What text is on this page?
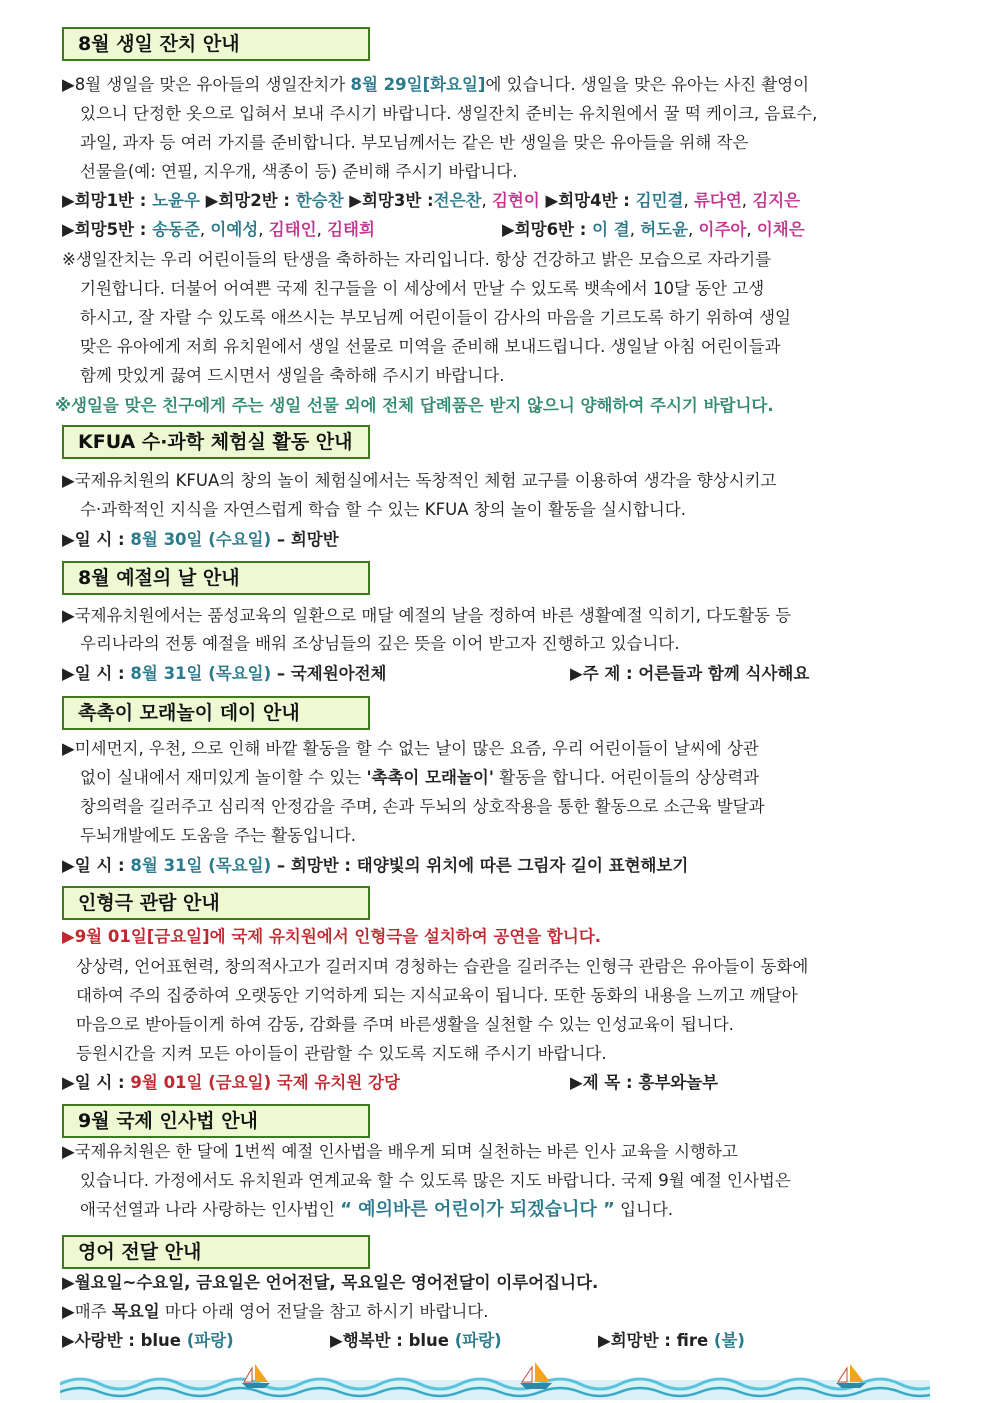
8월 생일 잔치 안내
▶8월 생일을 맞은 유아들의 생일잔치가 8월 29일[화요일]에 있습니다. 생일을 맞은 유아는 사진 촬영이
있으니 단정한 옷으로 입혀서 보내 주시기 바랍니다. 생일잔치 준비는 유치원에서 꿀 떡 케이크, 음료수,
과일, 과자 등 여러 가지를 준비합니다. 부모님께서는 같은 반 생일을 맞은 유아들을 위해 작은
선물을(예: 연필, 지우개, 색종이 등) 준비해 주시기 바랍니다.
▶희망1반 : 노윤우 ▶희망2반 : 한승찬 ▶희망3반 :전은찬, 김현이 ▶희망4반 : 김민결, 류다연, 김지은
▶희망5반 : 송동준, 이예성, 김태인, 김태희	▶희망6반 : 이 결, 허도윤, 이주아, 이채은
※생일잔치는 우리 어린이들의 탄생을 축하하는 자리입니다. 항상 건강하고 밝은 모습으로 자라기를
기원합니다. 더불어 어여쁜 국제 친구들을 이 세상에서 만날 수 있도록 뱃속에서 10달 동안 고생
하시고, 잘 자랄 수 있도록 애쓰시는 부모님께 어린이들이 감사의 마음을 기르도록 하기 위하여 생일
맞은 유아에게 저희 유치원에서 생일 선물로 미역을 준비해 보내드립니다. 생일날 아침 어린이들과
함께 맛있게 끓여 드시면서 생일을 축하해 주시기 바랍니다.
※생일을 맞은 친구에게 주는 생일 선물 외에 전체 답례품은 받지 않으니 양해하여 주시기 바랍니다.
KFUA 수·과학 체험실 활동 안내
▶국제유치원의 KFUA의 창의 놀이 체험실에서는 독창적인 체험 교구를 이용하여 생각을 향상시키고
수·과학적인 지식을 자연스럽게 학습 할 수 있는 KFUA 창의 놀이 활동을 실시합니다.
▶일 시 : 8월 30일 (수요일) – 희망반
8월 예절의 날 안내
▶국제유치원에서는 품성교육의 일환으로 매달 예절의 날을 정하여 바른 생활예절 익히기, 다도활동 등
우리나라의 전통 예절을 배워 조상님들의 깊은 뜻을 이어 받고자 진행하고 있습니다.
▶일 시 : 8월 31일 (목요일) – 국제원아전체	▶주 제 : 어른들과 함께 식사해요
촉촉이 모래놀이 데이 안내
▶미세먼지, 우천, 으로 인해 바깥 활동을 할 수 없는 날이 많은 요즘, 우리 어린이들이 날씨에 상관
없이 실내에서 재미있게 놀이할 수 있는 '촉촉이 모래놀이' 활동을 합니다. 어린이들의 상상력과
창의력을 길러주고 심리적 안정감을 주며, 손과 두뇌의 상호작용을 통한 활동으로 소근육 발달과
두뇌개발에도 도움을 주는 활동입니다.
▶일 시 : 8월 31일 (목요일) – 희망반 : 태양빛의 위치에 따른 그림자 길이 표현해보기
인형극 관람 안내
▶9월 01일[금요일]에 국제 유치원에서 인형극을 설치하여 공연을 합니다.
상상력, 언어표현력, 창의적사고가 길러지며 경청하는 습관을 길러주는 인형극 관람은 유아들이 동화에
대하여 주의 집중하여 오랫동안 기억하게 되는 지식교육이 됩니다. 또한 동화의 내용을 느끼고 깨달아
마음으로 받아들이게 하여 감동, 감화를 주며 바른생활을 실천할 수 있는 인성교육이 됩니다.
등원시간을 지켜 모든 아이들이 관람할 수 있도록 지도해 주시기 바랍니다.
▶일 시 : 9월 01일 (금요일) 국제 유치원 강당	▶제 목 : 흥부와놀부
9월 국제 인사법 안내
▶국제유치원은 한 달에 1번씩 예절 인사법을 배우게 되며 실천하는 바른 인사 교육을 시행하고
있습니다. 가정에서도 유치원과 연계교육 할 수 있도록 많은 지도 바랍니다. 국제 9월 예절 인사법은
애국선열과 나라 사랑하는 인사법인 “ 예의바른 어린이가 되겠습니다 ” 입니다.
영어 전달 안내
▶월요일~수요일, 금요일은 언어전달, 목요일은 영어전달이 이루어집니다.
▶매주 목요일 마다 아래 영어 전달을 참고 하시기 바랍니다.
▶사랑반 : blue (파랑)	▶행복반 : blue (파랑)	▶희망반 : fire (불)
